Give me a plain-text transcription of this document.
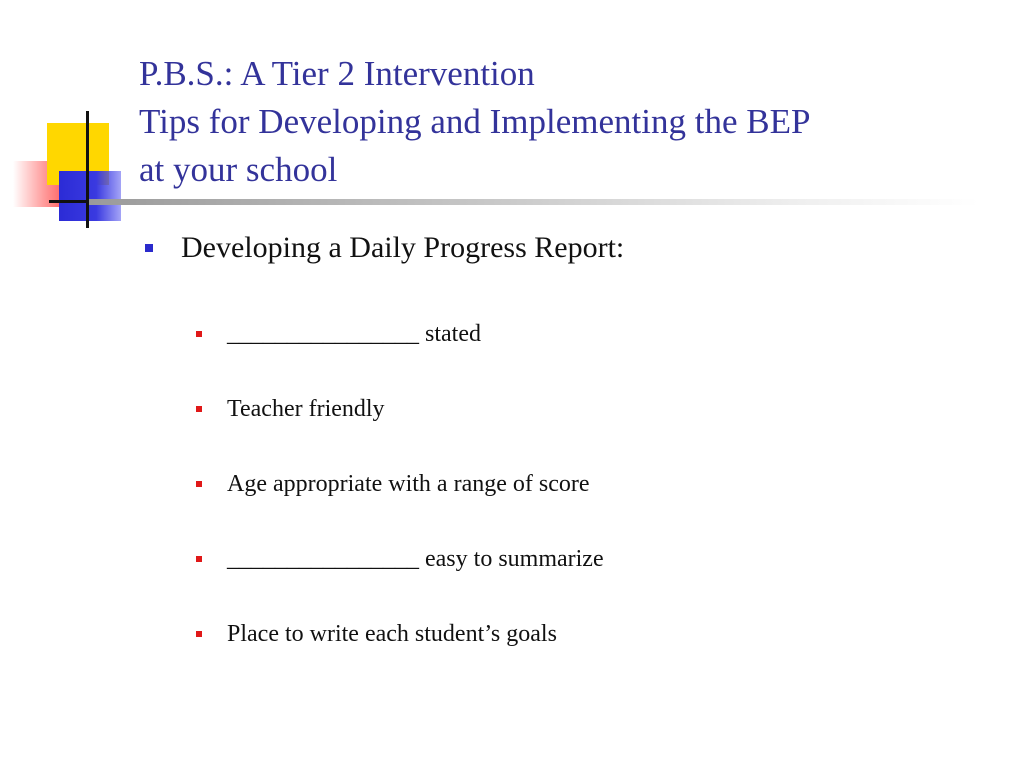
P.B.S.: A Tier 2 Intervention
Tips for Developing and Implementing the BEP
at your school
Developing a Daily Progress Report:
________________ stated
Teacher friendly
Age appropriate with a range of score
________________ easy to summarize
Place to write each student’s goals
